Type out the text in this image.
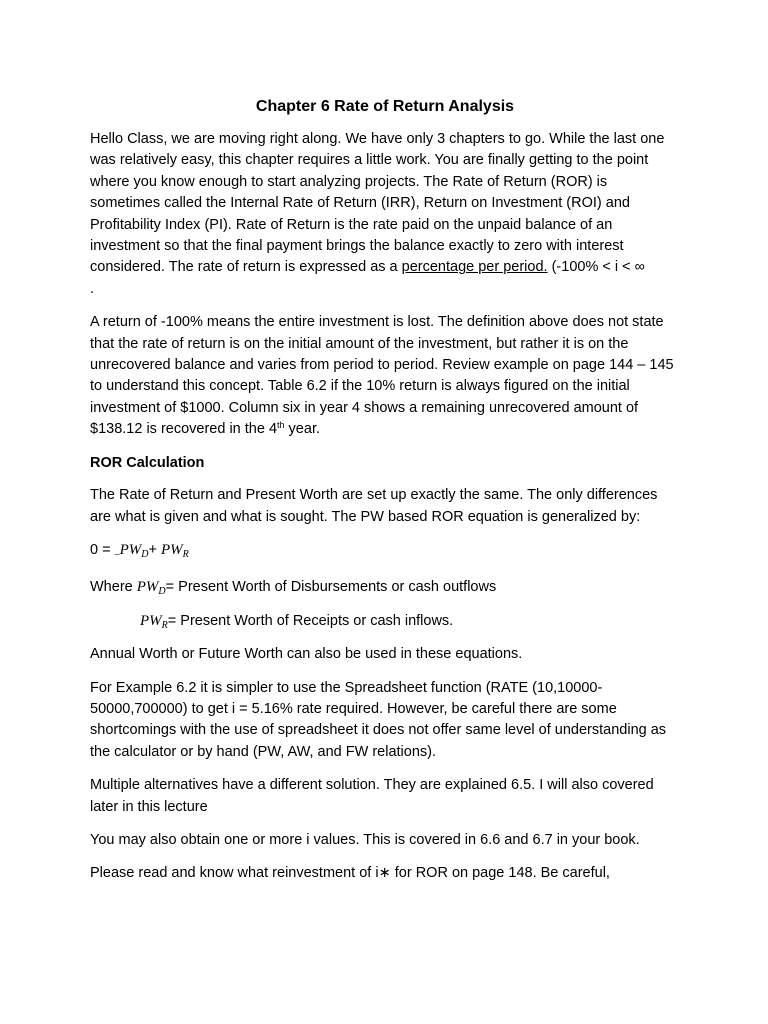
Chapter 6 Rate of Return Analysis

Hello Class, we are moving right along. We have only 3 chapters to go. While the last one was relatively easy, this chapter requires a little work. You are finally getting to the point where you know enough to start analyzing projects. The Rate of Return (ROR) is sometimes called the Internal Rate of Return (IRR), Return on Investment (ROI) and Profitability Index (PI). Rate of Return is the rate paid on the unpaid balance of an investment so that the final payment brings the balance exactly to zero with interest considered. The rate of return is expressed as a percentage per period. (-100% < i < ∞
.

A return of -100% means the entire investment is lost. The definition above does not state that the rate of return is on the initial amount of the investment, but rather it is on the unrecovered balance and varies from period to period. Review example on page 144 – 145 to understand this concept. Table 6.2 if the 10% return is always figured on the initial investment of $1000. Column six in year 4 shows a remaining unrecovered amount of $138.12 is recovered in the 4th year.

ROR Calculation

The Rate of Return and Present Worth are set up exactly the same. The only differences are what is given and what is sought. The PW based ROR equation is generalized by:

$0 = _-PW_D+ PW_R$

Where $PW_D=$ Present Worth of Disbursements or cash outflows

$PW_R=$ Present Worth of Receipts or cash inflows.

Annual Worth or Future Worth can also be used in these equations.

For Example 6.2 it is simpler to use the Spreadsheet function (RATE (10,10000-50000,700000) to get i = 5.16% rate required. However, be careful there are some shortcomings with the use of spreadsheet it does not offer same level of understanding as the calculator or by hand (PW, AW, and FW relations).

Multiple alternatives have a different solution. They are explained 6.5. I will also covered later in this lecture

You may also obtain one or more i values. This is covered in 6.6 and 6.7 in your book.

Please read and know what reinvestment of i∗ for ROR on page 148. Be careful,
